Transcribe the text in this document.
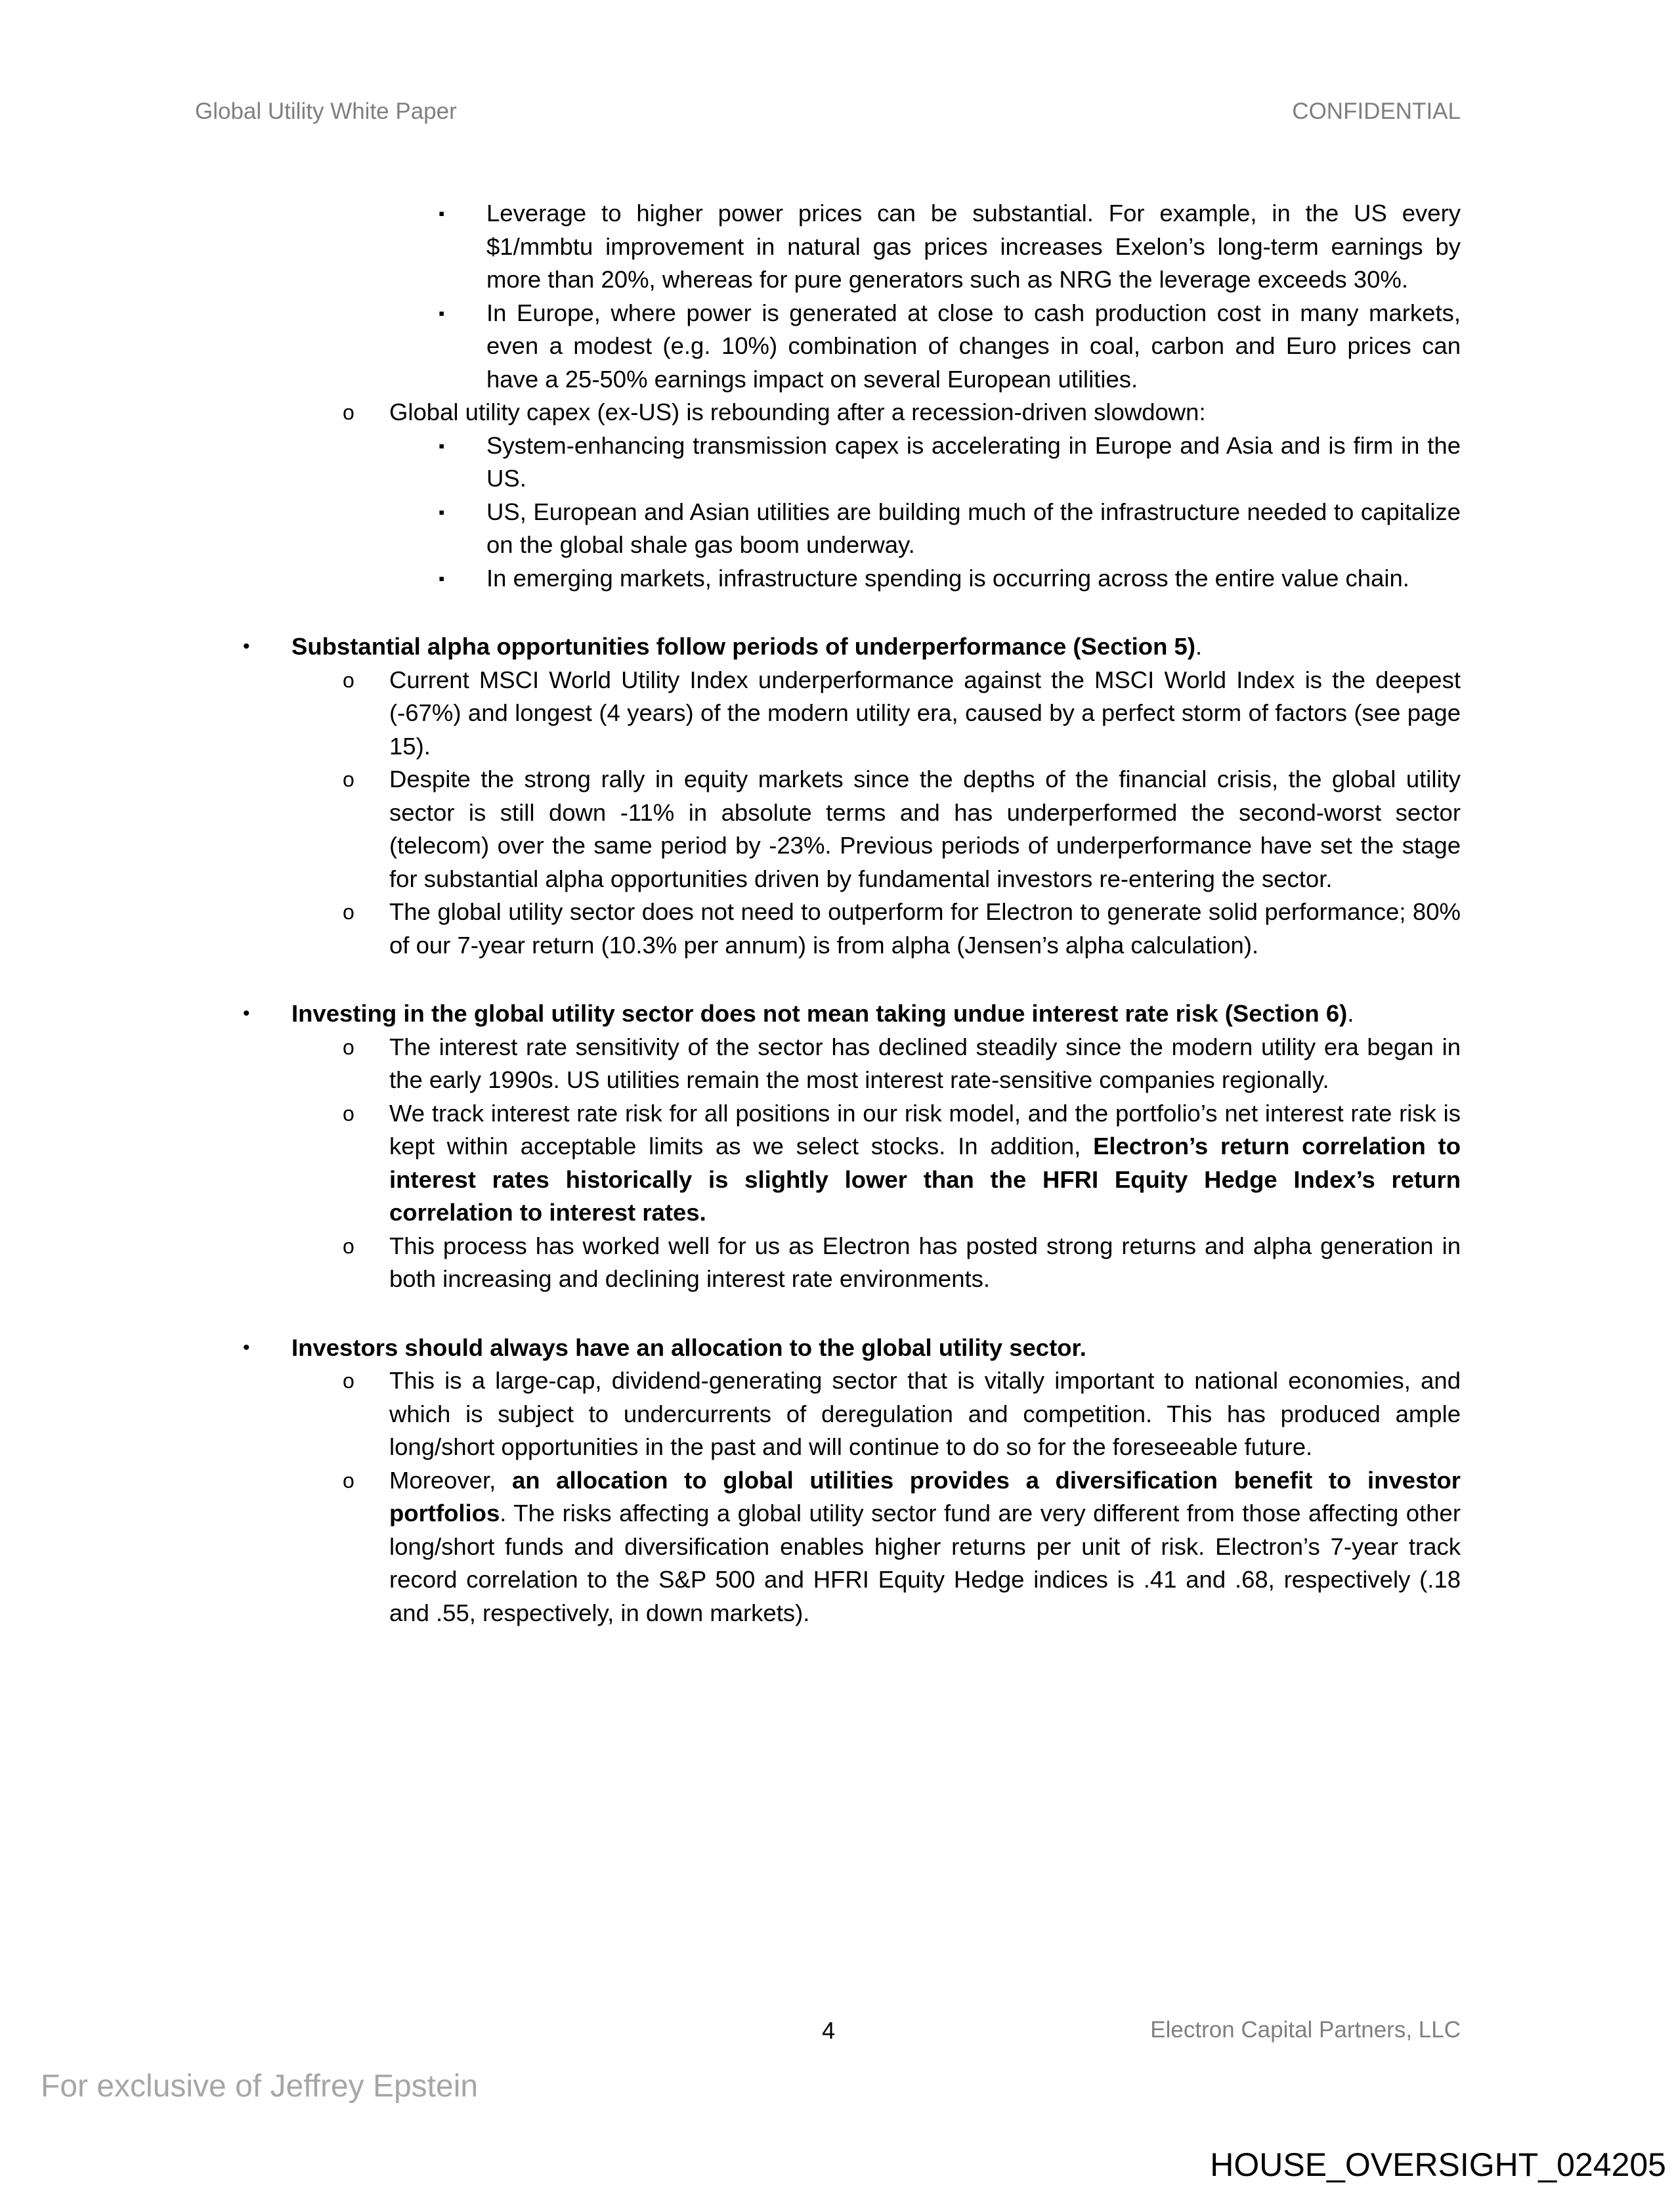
Global Utility White Paper	CONFIDENTIAL
▪ Leverage to higher power prices can be substantial. For example, in the US every $1/mmbtu improvement in natural gas prices increases Exelon’s long-term earnings by more than 20%, whereas for pure generators such as NRG the leverage exceeds 30%.
▪ In Europe, where power is generated at close to cash production cost in many markets, even a modest (e.g. 10%) combination of changes in coal, carbon and Euro prices can have a 25-50% earnings impact on several European utilities.
o Global utility capex (ex-US) is rebounding after a recession-driven slowdown:
▪ System-enhancing transmission capex is accelerating in Europe and Asia and is firm in the US.
▪ US, European and Asian utilities are building much of the infrastructure needed to capitalize on the global shale gas boom underway.
▪ In emerging markets, infrastructure spending is occurring across the entire value chain.
• Substantial alpha opportunities follow periods of underperformance (Section 5).
o Current MSCI World Utility Index underperformance against the MSCI World Index is the deepest (-67%) and longest (4 years) of the modern utility era, caused by a perfect storm of factors (see page 15).
o Despite the strong rally in equity markets since the depths of the financial crisis, the global utility sector is still down -11% in absolute terms and has underperformed the second-worst sector (telecom) over the same period by -23%. Previous periods of underperformance have set the stage for substantial alpha opportunities driven by fundamental investors re-entering the sector.
o The global utility sector does not need to outperform for Electron to generate solid performance; 80% of our 7-year return (10.3% per annum) is from alpha (Jensen’s alpha calculation).
• Investing in the global utility sector does not mean taking undue interest rate risk (Section 6).
o The interest rate sensitivity of the sector has declined steadily since the modern utility era began in the early 1990s. US utilities remain the most interest rate-sensitive companies regionally.
o We track interest rate risk for all positions in our risk model, and the portfolio’s net interest rate risk is kept within acceptable limits as we select stocks. In addition, Electron’s return correlation to interest rates historically is slightly lower than the HFRI Equity Hedge Index’s return correlation to interest rates.
o This process has worked well for us as Electron has posted strong returns and alpha generation in both increasing and declining interest rate environments.
• Investors should always have an allocation to the global utility sector.
o This is a large-cap, dividend-generating sector that is vitally important to national economies, and which is subject to undercurrents of deregulation and competition. This has produced ample long/short opportunities in the past and will continue to do so for the foreseeable future.
o Moreover, an allocation to global utilities provides a diversification benefit to investor portfolios. The risks affecting a global utility sector fund are very different from those affecting other long/short funds and diversification enables higher returns per unit of risk. Electron’s 7-year track record correlation to the S&P 500 and HFRI Equity Hedge indices is .41 and .68, respectively (.18 and .55, respectively, in down markets).
4	Electron Capital Partners, LLC
For exclusive of Jeffrey Epstein
HOUSE_OVERSIGHT_024205
